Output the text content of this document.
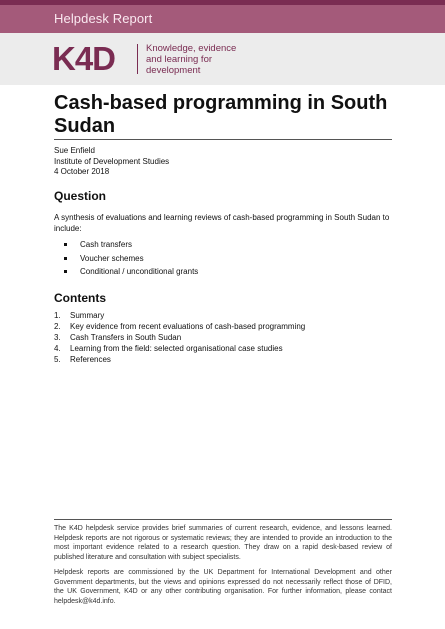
Helpdesk Report
K4D	Knowledge, evidence
and learning for
development
Cash-based programming in South Sudan
Sue Enfield
Institute of Development Studies
4 October 2018
Question

A synthesis of evaluations and learning reviews of cash-based programming in South Sudan to include:

Cash transfers
Voucher schemes
Conditional / unconditional grants
Contents
1. Summary
2. Key evidence from recent evaluations of cash-based programming
3. Cash Transfers in South Sudan
4. Learning from the field: selected organisational case studies
5. References

The K4D helpdesk service provides brief summaries of current research, evidence, and lessons learned. Helpdesk reports are not rigorous or systematic reviews; they are intended to provide an introduction to the most important evidence related to a research question. They draw on a rapid desk-based review of published literature and consultation with subject specialists.

Helpdesk reports are commissioned by the UK Department for International Development and other Government departments, but the views and opinions expressed do not necessarily reflect those of DFID, the UK Government, K4D or any other contributing organisation. For further information, please contact helpdesk@k4d.info.
